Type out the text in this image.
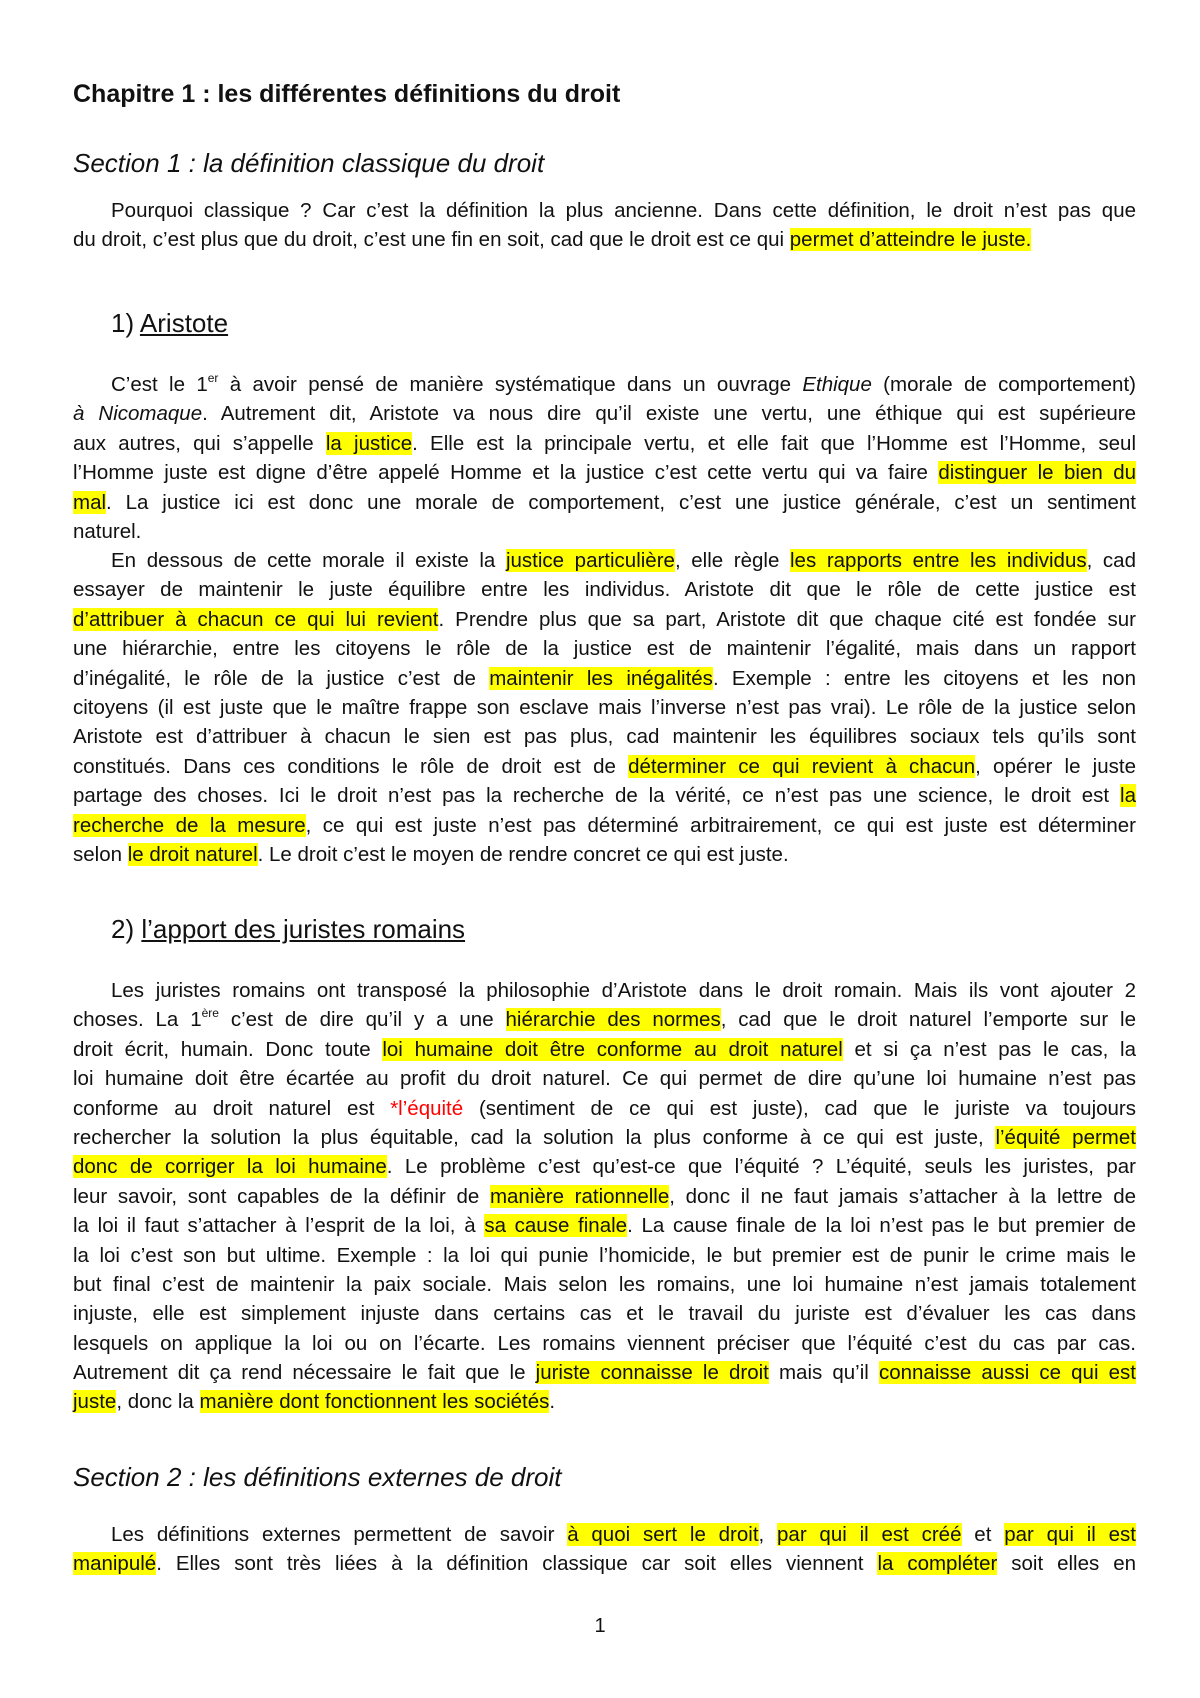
Chapitre 1 : les différentes définitions du droit
Section 1 : la définition classique du droit
Pourquoi classique ? Car c’est la définition la plus ancienne. Dans cette définition, le droit n’est pas que
du droit, c’est plus que du droit, c’est une fin en soit, cad que le droit est ce qui permet d’atteindre le juste.
1) Aristote
C’est le 1er à avoir pensé de manière systématique dans un ouvrage Ethique (morale de comportement)
à Nicomaque. Autrement dit, Aristote va nous dire qu’il existe une vertu, une éthique qui est supérieure
aux autres, qui s’appelle la justice. Elle est la principale vertu, et elle fait que l’Homme est l’Homme, seul
l’Homme juste est digne d’être appelé Homme et la justice c’est cette vertu qui va faire distinguer le bien du
mal. La justice ici est donc une morale de comportement, c’est une justice générale, c’est un sentiment
naturel.
En dessous de cette morale il existe la justice particulière, elle règle les rapports entre les individus, cad
essayer de maintenir le juste équilibre entre les individus. Aristote dit que le rôle de cette justice est
d’attribuer à chacun ce qui lui revient. Prendre plus que sa part, Aristote dit que chaque cité est fondée sur
une hiérarchie, entre les citoyens le rôle de la justice est de maintenir l’égalité, mais dans un rapport
d’inégalité, le rôle de la justice c’est de maintenir les inégalités. Exemple : entre les citoyens et les non
citoyens (il est juste que le maître frappe son esclave mais l’inverse n’est pas vrai). Le rôle de la justice selon
Aristote est d’attribuer à chacun le sien est pas plus, cad maintenir les équilibres sociaux tels qu’ils sont
constitués. Dans ces conditions le rôle de droit est de déterminer ce qui revient à chacun, opérer le juste
partage des choses. Ici le droit n’est pas la recherche de la vérité, ce n’est pas une science, le droit est la
recherche de la mesure, ce qui est juste n’est pas déterminé arbitrairement, ce qui est juste est déterminer
selon le droit naturel. Le droit c’est le moyen de rendre concret ce qui est juste.
2) l’apport des juristes romains
Les juristes romains ont transposé la philosophie d’Aristote dans le droit romain. Mais ils vont ajouter 2
choses. La 1ère c’est de dire qu’il y a une hiérarchie des normes, cad que le droit naturel l’emporte sur le
droit écrit, humain. Donc toute loi humaine doit être conforme au droit naturel et si ça n’est pas le cas, la
loi humaine doit être écartée au profit du droit naturel. Ce qui permet de dire qu’une loi humaine n’est pas
conforme au droit naturel est *l’équité (sentiment de ce qui est juste), cad que le juriste va toujours
rechercher la solution la plus équitable, cad la solution la plus conforme à ce qui est juste, l’équité permet
donc de corriger la loi humaine. Le problème c’est qu’est-ce que l’équité ? L’équité, seuls les juristes, par
leur savoir, sont capables de la définir de manière rationnelle, donc il ne faut jamais s’attacher à la lettre de
la loi il faut s’attacher à l’esprit de la loi, à sa cause finale. La cause finale de la loi n’est pas le but premier de
la loi c’est son but ultime. Exemple : la loi qui punie l’homicide, le but premier est de punir le crime mais le
but final c’est de maintenir la paix sociale. Mais selon les romains, une loi humaine n’est jamais totalement
injuste, elle est simplement injuste dans certains cas et le travail du juriste est d’évaluer les cas dans
lesquels on applique la loi ou on l’écarte. Les romains viennent préciser que l’équité c’est du cas par cas.
Autrement dit ça rend nécessaire le fait que le juriste connaisse le droit mais qu’il connaisse aussi ce qui est
juste, donc la manière dont fonctionnent les sociétés.
Section 2 : les définitions externes de droit
Les définitions externes permettent de savoir à quoi sert le droit, par qui il est créé et par qui il est
manipulé. Elles sont très liées à la définition classique car soit elles viennent la compléter soit elles en
1
